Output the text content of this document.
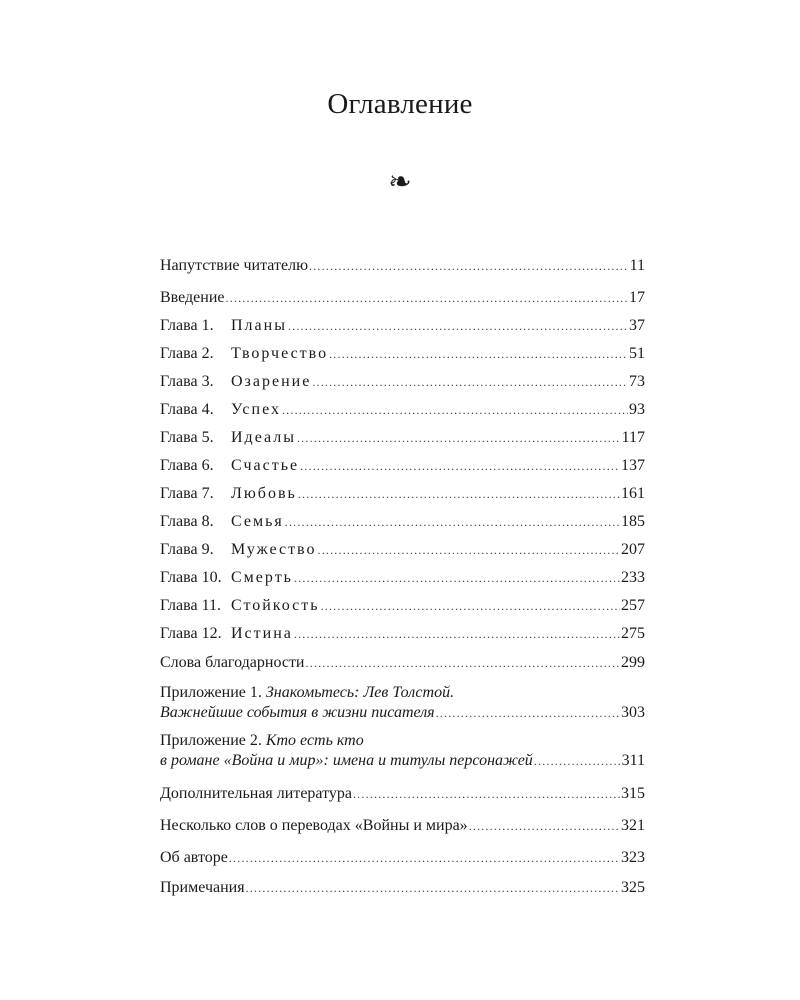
Оглавление
❧
Напутствие читателю .....	11
Введение .....	17
Глава 1. Планы .....	37
Глава 2. Творчество .....	51
Глава 3. Озарение .....	73
Глава 4. Успех .....	93
Глава 5. Идеалы .....	117
Глава 6. Счастье .....	137
Глава 7. Любовь .....	161
Глава 8. Семья .....	185
Глава 9. Мужество .....	207
Глава 10. Смерть .....	233
Глава 11. Стойкость .....	257
Глава 12. Истина .....	275
Слова благодарности .....	299
Приложение 1. Знакомьтесь: Лев Толстой.
Важнейшие события в жизни писателя .....	303
Приложение 2. Кто есть кто
в романе «Война и мир»: имена и титулы персонажей .....	311
Дополнительная литература .....	315
Несколько слов о переводах «Войны и мира» .....	321
Об авторе .....	323
Примечания .....	325
